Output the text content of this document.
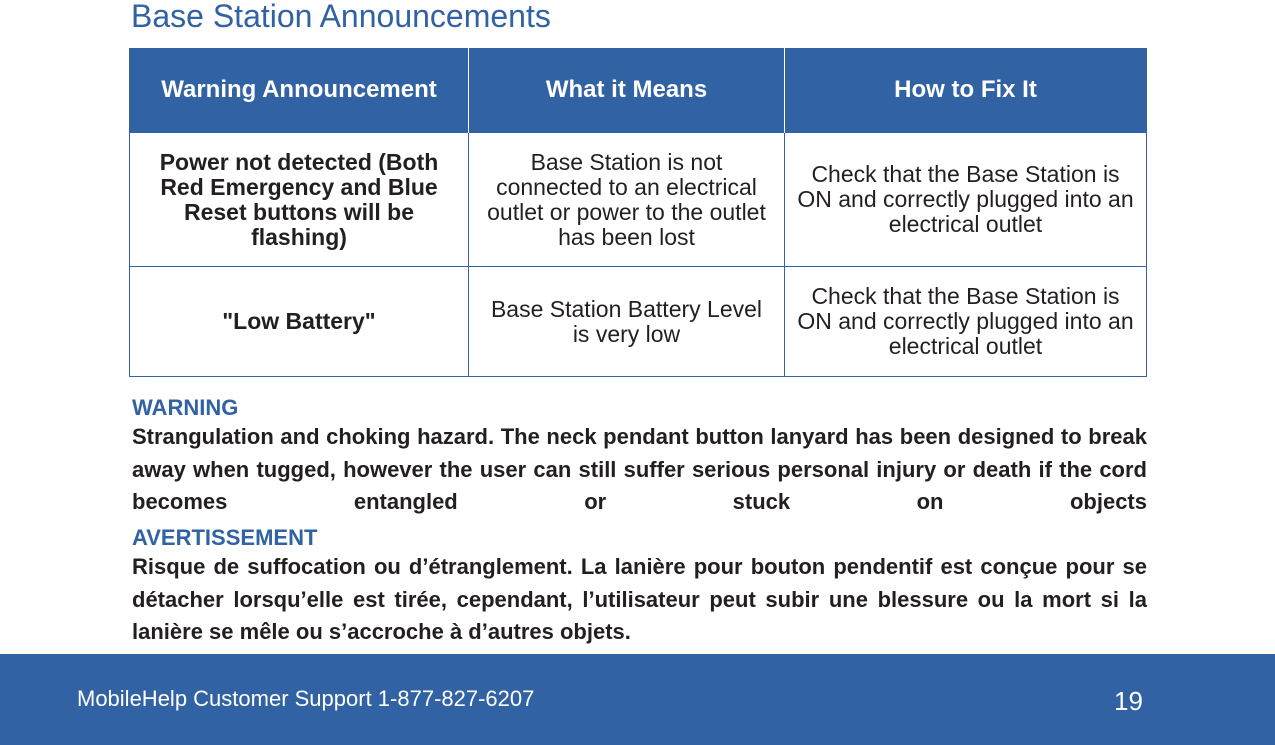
Base Station Announcements
Warning Announcement	What it Means	How to Fix It
Power not detected (Both Red Emergency and Blue Reset buttons will be flashing)	Base Station is not connected to an electrical outlet or power to the outlet has been lost	Check that the Base Station is ON and correctly plugged into an electrical outlet
"Low Battery"	Base Station Battery Level is very low	Check that the Base Station is ON and correctly plugged into an electrical outlet

WARNING

Strangulation and choking hazard. The neck pendant button lanyard has been designed to break away when tugged, however the user can still suffer serious personal injury or death if the cord becomes entangled or stuck on objects

AVERTISSEMENT

Risque de suffocation ou d’étranglement. La lanière pour bouton pendentif est conçue pour se détacher lorsqu’elle est tirée, cependant, l’utilisateur peut subir une blessure ou la mort si la lanière se mêle ou s’accroche à d’autres objets.

MobileHelp Customer Support 1-877-827-6207	19
